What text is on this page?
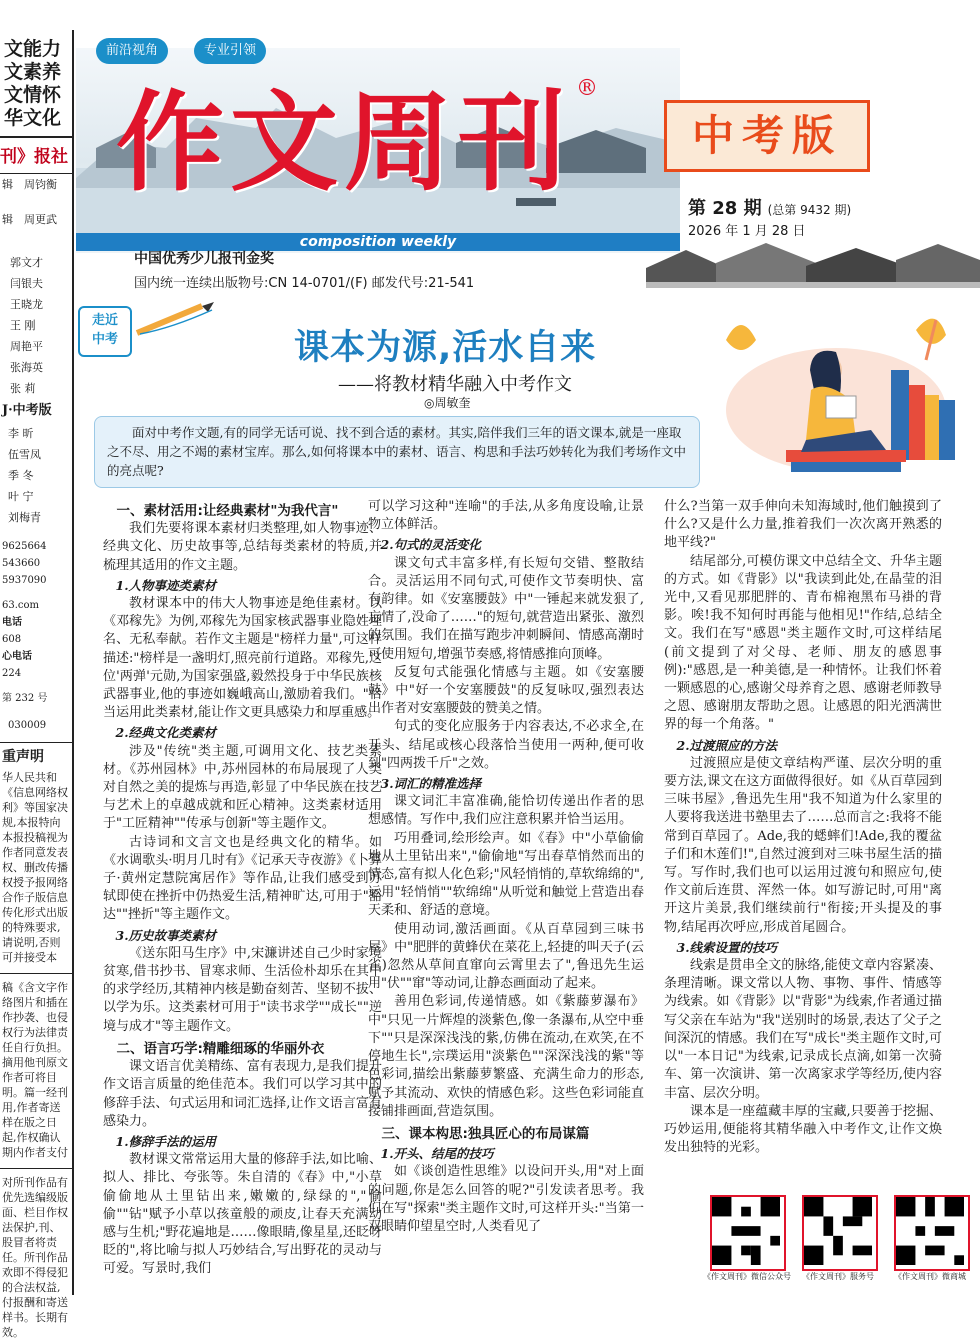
文能力
文素养
文情怀
华文化
刊》报社
辑　 周钧衡
辑　 周更武
郭文才
闫银夫
王晓龙
王 刚
周艳平
张海英
张 莉
J·中考版
李 昕
伍雪凤
季 冬
叶 宁
刘梅青
9625664
543660
5937090
63.com
电话
608
心电话
224
第 232 号
030009
重声明
华人民共和《信息网络权利》等国家决规,本报特向本报投稿视为作者同意发表权、删改传播权授予报网络合作子版信息传化形式出版的特殊要求,请说明,否则可并接受本
稿《含文字作络图片和插在作抄袭、也侵权行为法律责任自行负担。摘用他刊原文作者可将目明。篇一经刊用,作者寄送样在版之日起,作权确认期内作者支付
对所刊作品有优先选编级版面、栏目作权法保护,刊、股冒者将责任。所刊作品欢即不得侵犯的合法权益,付报酬和寄送样书。长期有效。
composition weekly
前沿视角	专业引领
作文周刊 ®
中国优秀少儿报刊金奖
国内统一连续出版物号:CN 14-0701/(F) 邮发代号:21-541
中考版
第 28 期 (总第 9432 期)
2026 年 1 月 28 日
走近
中考	课本为源,活水自来
——将教材精华融入中考作文
◎周敏奎
面对中考作文题,有的同学无话可说、找不到合适的素材。其实,陪伴我们三年的语文课本,就是一座取之不尽、用之不竭的素材宝库。那么,如何将课本中的素材、语言、构思和手法巧妙转化为我们考场作文中的亮点呢?
一、素材活用:让经典素材"为我代言"

我们先要将课本素材归类整理,如人物事迹、经典文化、历史故事等,总结每类素材的特质,并梳理其适用的作文主题。

1.人物事迹类素材

教材课本中的伟大人物事迹是绝佳素材。以《邓稼先》为例,邓稼先为国家核武器事业隐姓埋名、无私奉献。若作文主题是"榜样力量",可这样描述:"榜样是一盏明灯,照亮前行道路。邓稼先,这位'两弹'元勋,为国家强盛,毅然投身于中华民族核武器事业,他的事迹如巍峨高山,激励着我们。"恰当运用此类素材,能让作文更具感染力和厚重感。

2.经典文化类素材

涉及"传统"类主题,可调用文化、技艺类素材。《苏州园林》中,苏州园林的布局展现了人类对自然之美的提炼与再造,彰显了中华民族在技艺与艺术上的卓越成就和匠心精神。这类素材适用于"工匠精神""传承与创新"等主题作文。

古诗词和文言文也是经典文化的精华。如《水调歌头·明月几时有》《记承天寺夜游》《卜算子·黄州定慧院寓居作》等作品,让我们感受到苏轼即使在挫折中仍热爱生活,精神旷达,可用于"豁达""挫折"等主题作文。

3.历史故事类素材

《送东阳马生序》中,宋濂讲述自己少时家境贫寒,借书抄书、冒寒求师、生活俭朴却乐在其中的求学经历,其精神内核是勤奋刻苦、坚韧不拔、以学为乐。这类素材可用于"读书求学""成长""逆境与成才"等主题作文。

二、语言巧学:精雕细琢的华丽外衣

课文语言优美精练、富有表现力,是我们提升作文语言质量的绝佳范本。我们可以学习其中的修辞手法、句式运用和词汇选择,让作文语言富有感染力。

1.修辞手法的运用

教材课文常常运用大量的修辞手法,如比喻、拟人、排比、夸张等。朱自清的《春》中,"小草偷偷地从土里钻出来,嫩嫩的,绿绿的","偷偷""钻"赋予小草以孩童般的顽皮,让春天充满动感与生机;"野花遍地是……像眼睛,像星星,还眨呀眨的",将比喻与拟人巧妙结合,写出野花的灵动与可爱。写景时,我们

可以学习这种"连喻"的手法,从多角度设喻,让景物立体鲜活。

2.句式的灵活变化

课文句式丰富多样,有长短句交错、整散结合。灵活运用不同句式,可使作文节奏明快、富有韵律。如《安塞腰鼓》中"一锤起来就发狠了,忘情了,没命了……"的短句,就营造出紧张、激烈的氛围。我们在描写跑步冲刺瞬间、情感高潮时可使用短句,增强节奏感,将情感推向顶峰。

反复句式能强化情感与主题。如《安塞腰鼓》中"好一个安塞腰鼓"的反复咏叹,强烈表达出作者对安塞腰鼓的赞美之情。

句式的变化应服务于内容表达,不必求全,在开头、结尾或核心段落恰当使用一两种,便可收到"四两拨千斤"之效。

3.词汇的精准选择

课文词汇丰富准确,能恰切传递出作者的思想感情。写作中,我们应注意积累并恰当运用。

巧用叠词,绘形绘声。如《春》中"小草偷偷地从土里钻出来","偷偷地"写出春草悄然而出的情态,富有拟人化色彩;"风轻悄悄的,草软绵绵的",运用"轻悄悄""软绵绵"从听觉和触觉上营造出春天柔和、舒适的意境。

使用动词,激活画面。《从百草园到三味书屋》中"肥胖的黄蜂伏在菜花上,轻捷的叫天子(云雀)忽然从草间直窜向云霄里去了",鲁迅先生运用"伏""窜"等动词,让静态画面动了起来。

善用色彩词,传递情感。如《紫藤萝瀑布》中"只见一片辉煌的淡紫色,像一条瀑布,从空中垂下""只是深深浅浅的紫,仿佛在流动,在欢笑,在不停地生长",宗璞运用"淡紫色""深深浅浅的紫"等色彩词,描绘出紫藤萝繁盛、充满生命力的形态,赋予其流动、欢快的情感色彩。这些色彩词能直接铺排画面,营造氛围。

三、课本构思:独具匠心的布局谋篇
1.开头、结尾的技巧

如《谈创造性思维》以设问开头,用"对上面的问题,你是怎么回答的呢?"引发读者思考。我们在写"探索"类主题作文时,可这样开头:"当第一双眼睛仰望星空时,人类看见了

什么?当第一双手伸向未知海域时,他们触摸到了什么?又是什么力量,推着我们一次次离开熟悉的地平线?"

结尾部分,可模仿课文中总结全文、升华主题的方式。如《背影》以"我读到此处,在晶莹的泪光中,又看见那肥胖的、青布棉袍黑布马褂的背影。唉!我不知何时再能与他相见!"作结,总结全文。我们在写"感恩"类主题作文时,可这样结尾(前文提到了对父母、老师、朋友的感恩事例):"感恩,是一种美德,是一种情怀。让我们怀着一颗感恩的心,感谢父母养育之恩、感谢老师教导之恩、感谢朋友帮助之恩。让感恩的阳光洒满世界的每一个角落。"

2.过渡照应的方法

过渡照应是使文章结构严谨、层次分明的重要方法,课文在这方面做得很好。如《从百草园到三味书屋》,鲁迅先生用"我不知道为什么家里的人要将我送进书塾里去了……总而言之:我将不能常到百草园了。Ade,我的蟋蟀们!Ade,我的覆盆子们和木莲们!",自然过渡到对三味书屋生活的描写。写作时,我们也可以运用过渡句和照应句,使作文前后连贯、浑然一体。如写游记时,可用"离开这片美景,我们继续前行"衔接;开头提及的事物,结尾再次呼应,形成首尾圆合。

3.线索设置的技巧

线索是贯串全文的脉络,能使文章内容紧凑、条理清晰。课文常以人物、事物、事件、情感等为线索。如《背影》以"背影"为线索,作者通过描写父亲在车站为"我"送别时的场景,表达了父子之间深沉的情感。我们在写"成长"类主题作文时,可以"一本日记"为线索,记录成长点滴,如第一次骑车、第一次演讲、第一次离家求学等经历,使内容丰富、层次分明。

课本是一座蕴藏丰厚的宝藏,只要善于挖掘、巧妙运用,便能将其精华融入中考作文,让作文焕发出独特的光彩。

《作文周刊》微信公众号	《作文周刊》服务号	《作文周刊》微商城
